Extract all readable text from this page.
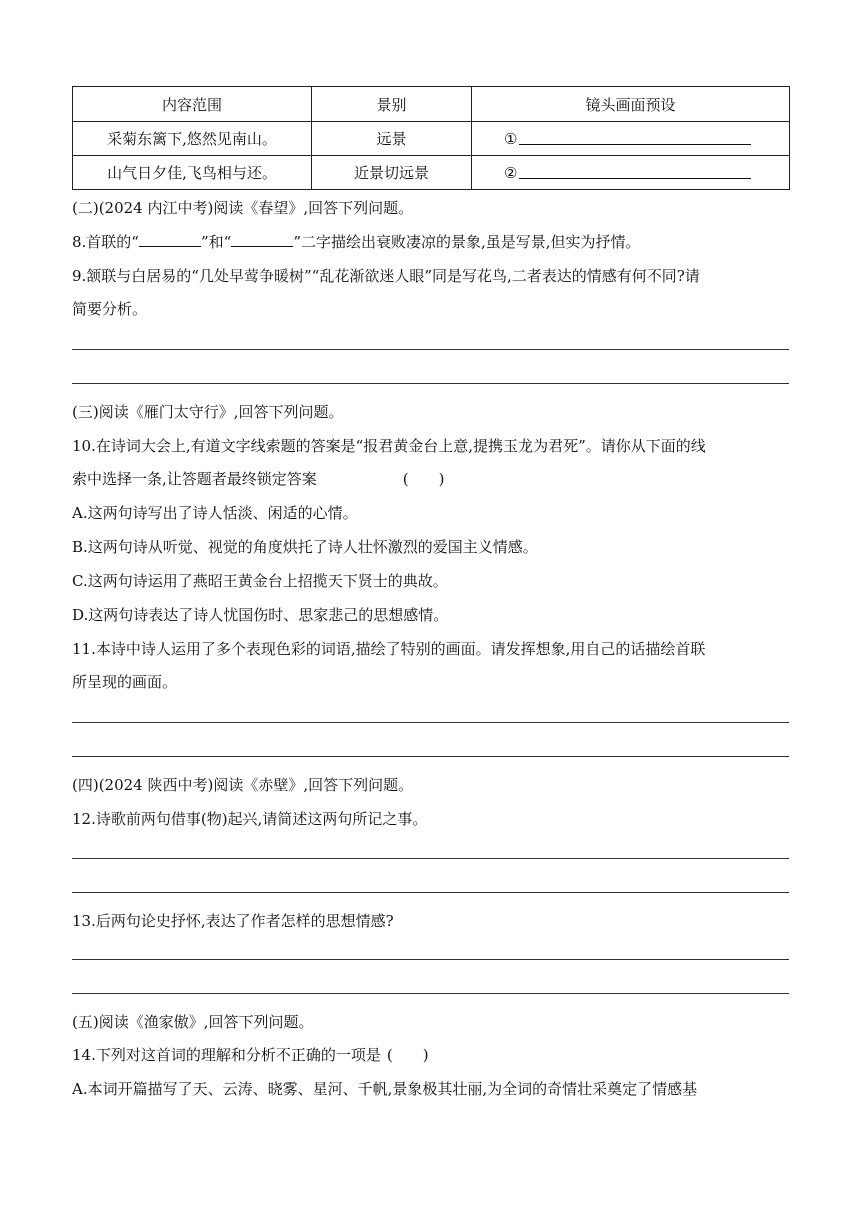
内容范围	景别	镜头画面预设
采菊东篱下,悠然见南山。	远景	①
山气日夕佳,飞鸟相与还。	近景切远景	②
(二)(2024 内江中考)阅读《春望》,回答下列问题。
8.首联的“	”和“	”二字描绘出衰败凄凉的景象,虽是写景,但实为抒情。
9.颔联与白居易的“几处早莺争暖树”“乱花渐欲迷人眼”同是写花鸟,二者表达的情感有何不同?请
简要分析。
(三)阅读《雁门太守行》,回答下列问题。
10.在诗词大会上,有道文字线索题的答案是“报君黄金台上意,提携玉龙为君死”。请你从下面的线
索中选择一条,让答题者最终锁定答案	(　　)
A.这两句诗写出了诗人恬淡、闲适的心情。
B.这两句诗从听觉、视觉的角度烘托了诗人壮怀激烈的爱国主义情感。
C.这两句诗运用了燕昭王黄金台上招揽天下贤士的典故。
D.这两句诗表达了诗人忧国伤时、思家悲己的思想感情。
11.本诗中诗人运用了多个表现色彩的词语,描绘了特别的画面。请发挥想象,用自己的话描绘首联
所呈现的画面。
(四)(2024 陕西中考)阅读《赤壁》,回答下列问题。
12.诗歌前两句借事(物)起兴,请简述这两句所记之事。
13.后两句论史抒怀,表达了作者怎样的思想情感?
(五)阅读《渔家傲》,回答下列问题。
14.下列对这首词的理解和分析不正确的一项是 (　　)
A.本词开篇描写了天、云涛、晓雾、星河、千帆,景象极其壮丽,为全词的奇情壮采奠定了情感基
